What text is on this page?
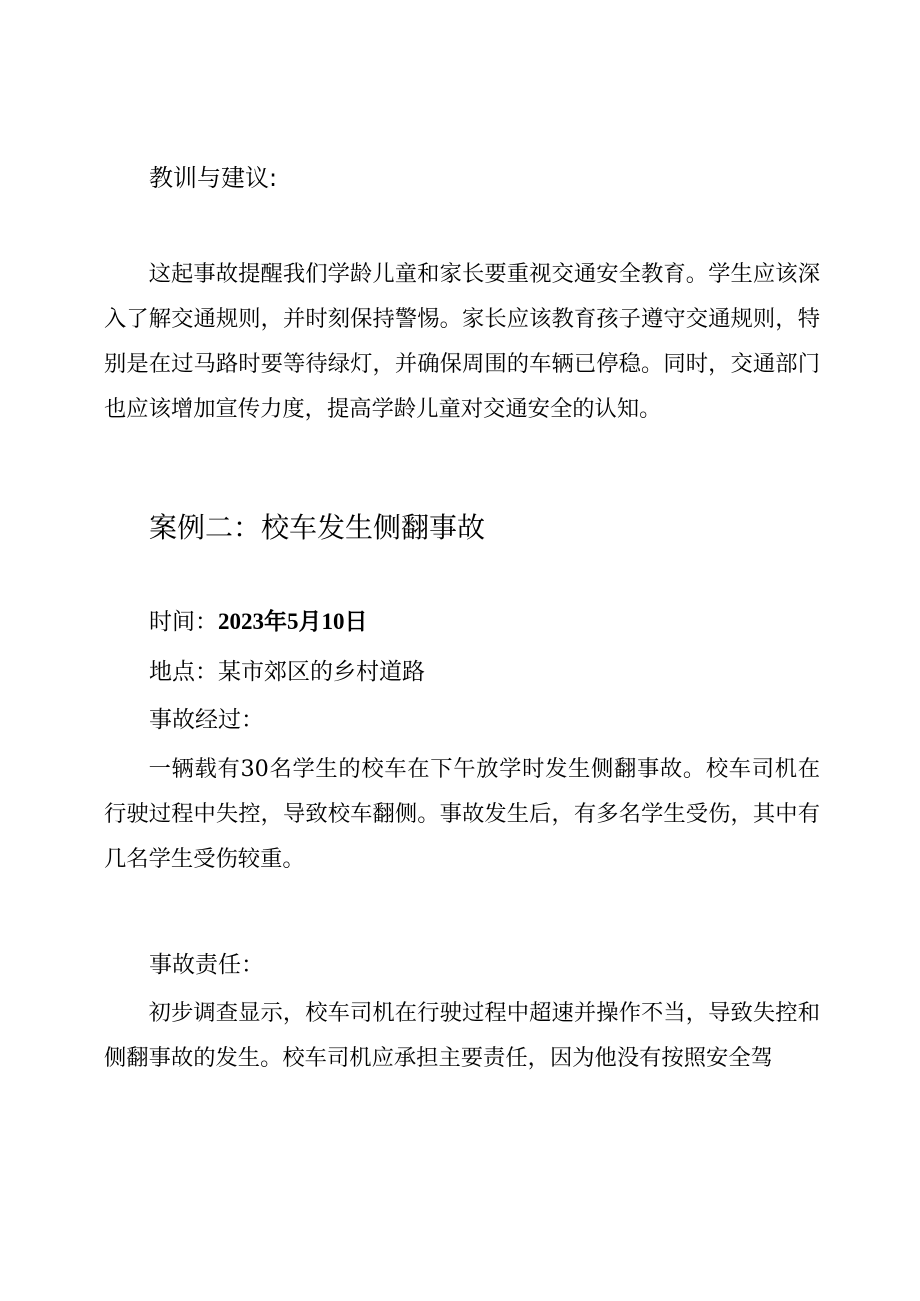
教训与建议:
这起事故提醒我们学龄儿童和家长要重视交通安全教育。学生应该深入了解交通规则，并时刻保持警惕。家长应该教育孩子遵守交通规则，特别是在过马路时要等待绿灯，并确保周围的车辆已停稳。同时，交通部门也应该增加宣传力度，提高学龄儿童对交通安全的认知。
案例二：校车发生侧翻事故
时间：2023年5月10日
地点：某市郊区的乡村道路
事故经过：
一辆载有30名学生的校车在下午放学时发生侧翻事故。校车司机在行驶过程中失控，导致校车翻侧。事故发生后，有多名学生受伤，其中有几名学生受伤较重。
事故责任：
初步调查显示，校车司机在行驶过程中超速并操作不当，导致失控和侧翻事故的发生。校车司机应承担主要责任，因为他没有按照安全驾
